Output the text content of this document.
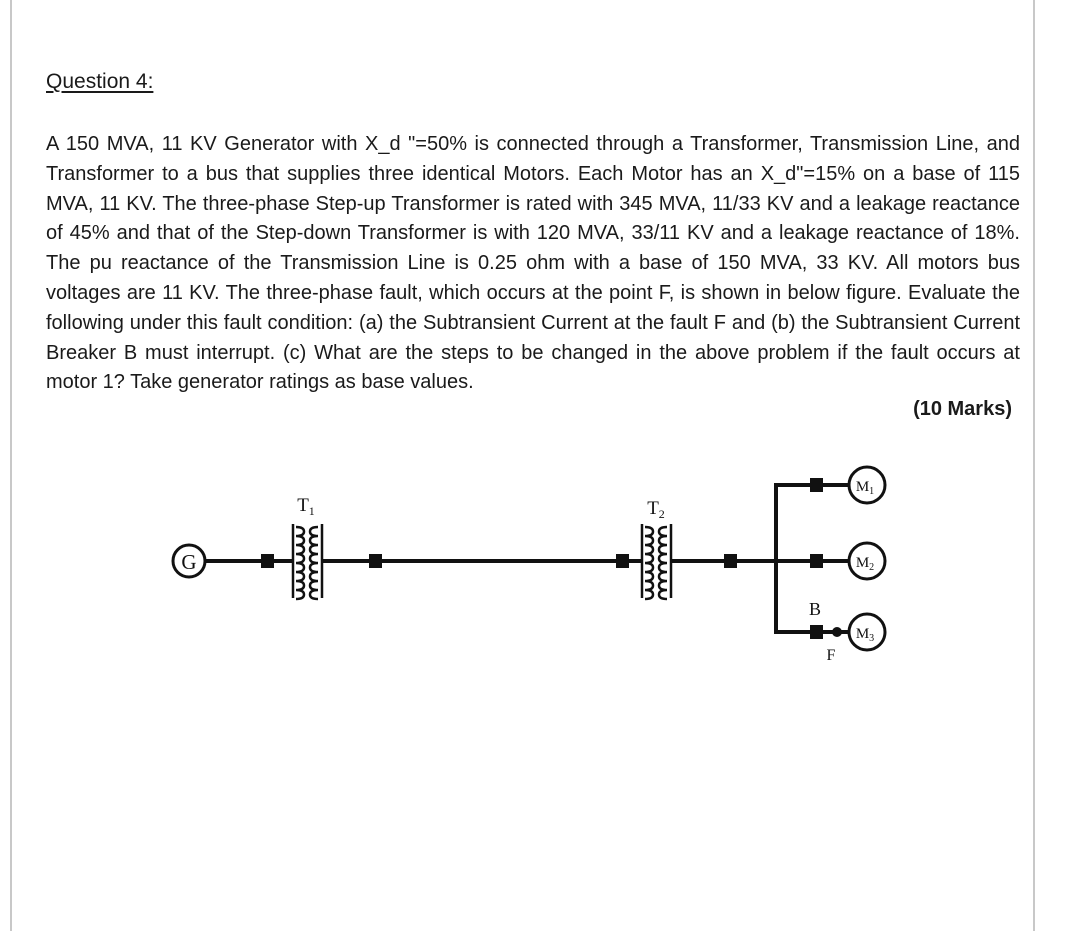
Question 4:

A 150 MVA, 11 KV Generator with X_d "=50% is connected through a Transformer, Transmission Line, and Transformer to a bus that supplies three identical Motors. Each Motor has an X_d"=15% on a base of 115 MVA, 11 KV. The three-phase Step-up Transformer is rated with 345 MVA, 11/33 KV and a leakage reactance of 45% and that of the Step-down Transformer is with 120 MVA, 33/11 KV and a leakage reactance of 18%. The pu reactance of the Transmission Line is 0.25 ohm with a base of 150 MVA, 33 KV. All motors bus voltages are 11 KV. The three-phase fault, which occurs at the point F, is shown in below figure. Evaluate the following under this fault condition: (a) the Subtransient Current at the fault F and (b) the Subtransient Current Breaker B must interrupt. (c) What are the steps to be changed in the above problem if the fault occurs at motor 1? Take generator ratings as base values.

(10 Marks)
G
$T_1$	$T_2$
$M_1$
$M_2$
$M_3$
B
F
